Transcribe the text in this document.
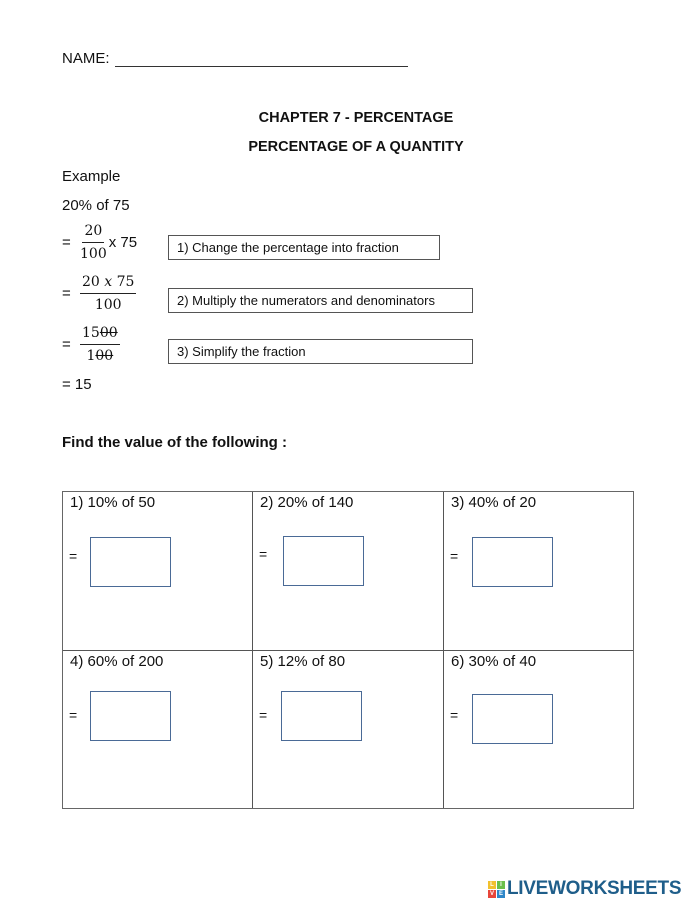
NAME:
CHAPTER 7 - PERCENTAGE
PERCENTAGE OF A QUANTITY
Example
20% of 75
= $\frac{20}{100}$ x 75
= $\frac{20 x 75}{100}$
= $\frac{1500}{100}$
1) Change the percentage into fraction
2) Multiply the numerators and denominators
3) Simplify the fraction
= 15
Find the value of the following :
1) 10% of 50
=
2) 20% of 140
=
3) 40% of 20
=
4) 60% of 200
=
5) 12% of 80
=
6) 30% of 40
=
L	I
V E LIVEWORKSHEETS
